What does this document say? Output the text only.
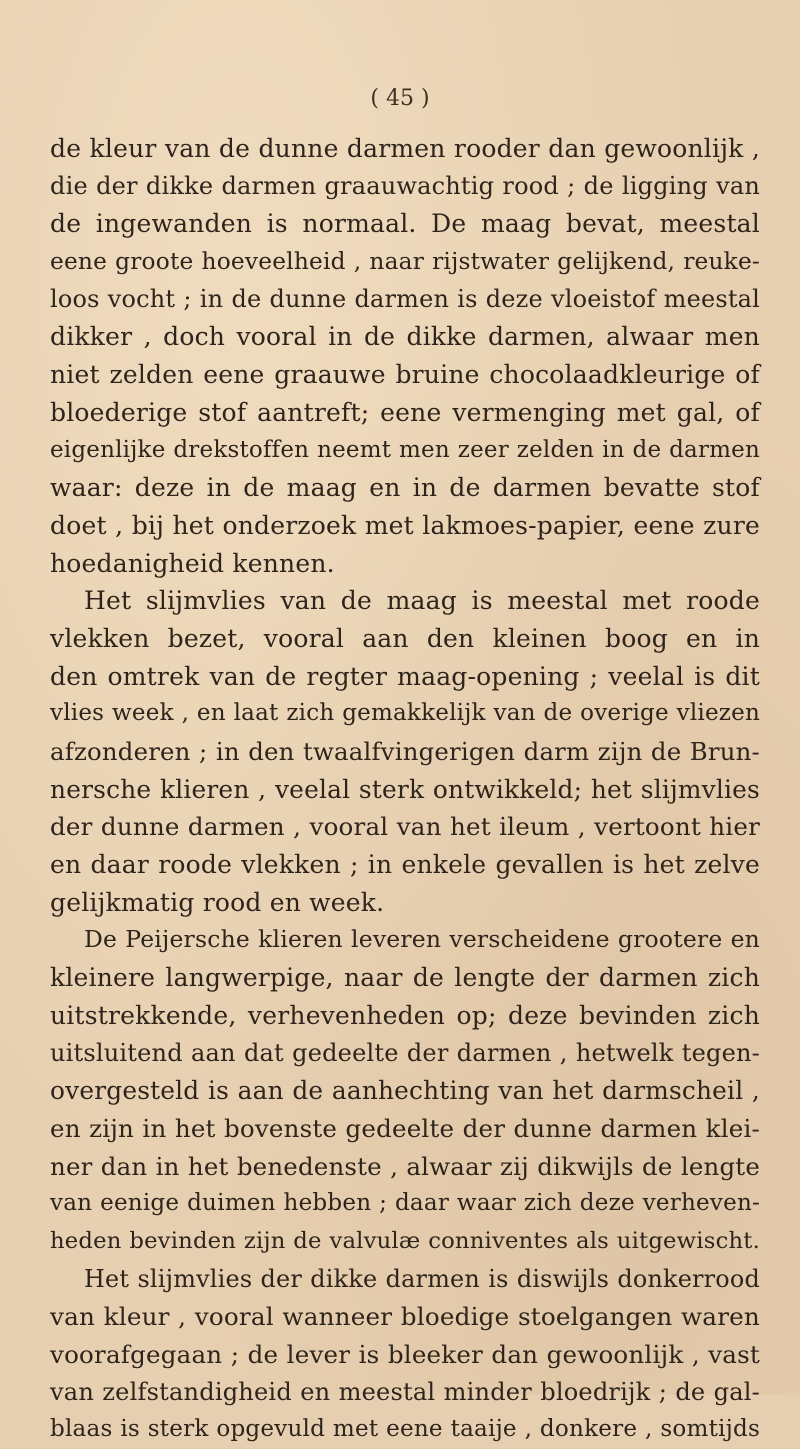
( 45 )
de kleur van de dunne darmen rooder dan gewoonlijk ,
die der dikke darmen graauwachtig rood ; de ligging van
de ingewanden is normaal. De maag bevat, meestal
eene groote hoeveelheid , naar rijstwater gelijkend, reuke-
loos vocht ; in de dunne darmen is deze vloeistof meestal
dikker , doch vooral in de dikke darmen, alwaar men
niet zelden eene graauwe bruine chocolaadkleurige of
bloederige stof aantreft; eene vermenging met gal, of
eigenlijke drekstoffen neemt men zeer zelden in de darmen
waar: deze in de maag en in de darmen bevatte stof
doet , bij het onderzoek met lakmoes-papier, eene zure
hoedanigheid kennen.
Het slijmvlies van de maag is meestal met roode
vlekken bezet, vooral aan den kleinen boog en in
den omtrek van de regter maag-opening ; veelal is dit
vlies week , en laat zich gemakkelijk van de overige vliezen
afzonderen ; in den twaalfvingerigen darm zijn de Brun-
nersche klieren , veelal sterk ontwikkeld; het slijmvlies
der dunne darmen , vooral van het ileum , vertoont hier
en daar roode vlekken ; in enkele gevallen is het zelve
gelijkmatig rood en week.
De Peijersche klieren leveren verscheidene grootere en
kleinere langwerpige, naar de lengte der darmen zich
uitstrekkende, verhevenheden op; deze bevinden zich
uitsluitend aan dat gedeelte der darmen , hetwelk tegen-
overgesteld is aan de aanhechting van het darmscheil ,
en zijn in het bovenste gedeelte der dunne darmen klei-
ner dan in het benedenste , alwaar zij dikwijls de lengte
van eenige duimen hebben ; daar waar zich deze verheven-
heden bevinden zijn de valvulæ conniventes als uitgewischt.
Het slijmvlies der dikke darmen is diswijls donkerrood
van kleur , vooral wanneer bloedige stoelgangen waren
voorafgegaan ; de lever is bleeker dan gewoonlijk , vast
van zelfstandigheid en meestal minder bloedrijk ; de gal-
blaas is sterk opgevuld met eene taaije , donkere , somtijds
